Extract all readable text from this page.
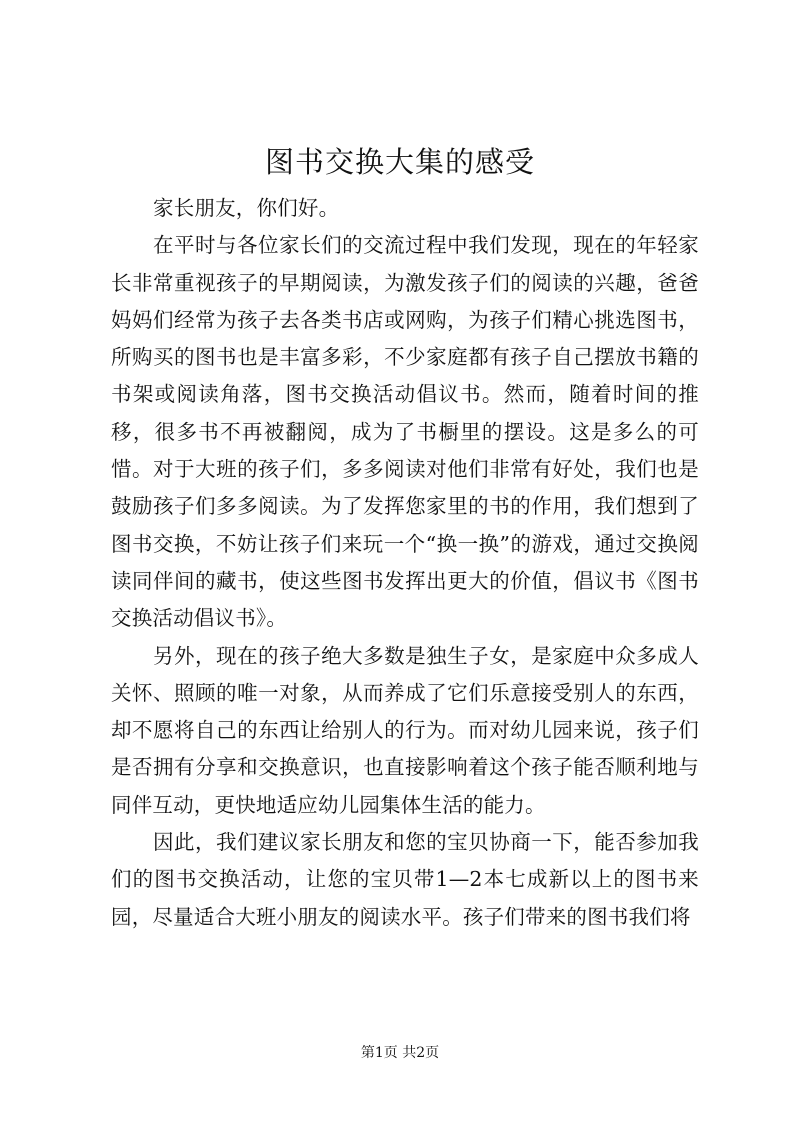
图书交换大集的感受

家长朋友，你们好。

在平时与各位家长们的交流过程中我们发现，现在的年轻家长非常重视孩子的早期阅读，为激发孩子们的阅读的兴趣，爸爸妈妈们经常为孩子去各类书店或网购，为孩子们精心挑选图书，所购买的图书也是丰富多彩，不少家庭都有孩子自己摆放书籍的书架或阅读角落，图书交换活动倡议书。然而，随着时间的推移，很多书不再被翻阅，成为了书橱里的摆设。这是多么的可惜。对于大班的孩子们，多多阅读对他们非常有好处，我们也是鼓励孩子们多多阅读。为了发挥您家里的书的作用，我们想到了图书交换，不妨让孩子们来玩一个“换一换”的游戏，通过交换阅读同伴间的藏书，使这些图书发挥出更大的价值，倡议书《图书交换活动倡议书》。

另外，现在的孩子绝大多数是独生子女，是家庭中众多成人关怀、照顾的唯一对象，从而养成了它们乐意接受别人的东西，却不愿将自己的东西让给别人的行为。而对幼儿园来说，孩子们是否拥有分享和交换意识，也直接影响着这个孩子能否顺利地与同伴互动，更快地适应幼儿园集体生活的能力。

因此，我们建议家长朋友和您的宝贝协商一下，能否参加我们的图书交换活动，让您的宝贝带1—2本七成新以上的图书来园，尽量适合大班小朋友的阅读水平。孩子们带来的图书我们将

第1页 共2页
